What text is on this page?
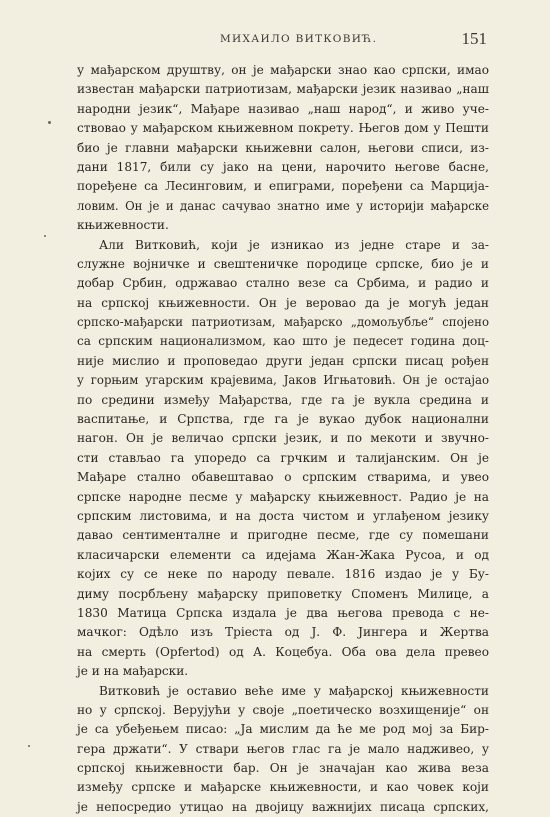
МИХАИЛО ВИТКОВИЋ.	151
у мађарском друштву, он је мађарски знао као српски, имао
известан мађарски патриотизам, мађарски језик називао „наш
народни језик“, Мађаре називао „наш народ“, и живо уче-
ствовао у мађарском књижевном покрету. Његов дом у Пешти
био је главни мађарски књижевни салон, његови списи, из-
дани 1817, били су јако на цени, нарочито његове басне,
поређене са Лесинговим, и епиграми, поређени са Марција-
ловим. Он је и данас сачувао знатно име у историји мађарске
књижевности.
Али Витковић, који је изникао из једне старе и за-
служне војничке и свештеничке породице српске, био је и
добар Србин, одржавао стално везе са Србима, и радио и
на српској књижевности. Он је веровао да је могућ један
српско-мађарски патриотизам, мађарско „домољубље“ спојено
са српским национализмом, као што је педесет година доц-
није мислио и проповедао други један српски писац рођен
у горњим угарским крајевима, Јаков Игњатовић. Он је остајао
по средини између Мађарства, где га је вукла средина и
васпитање, и Српства, где га је вукао дубок национални
нагон. Он је величао српски језик, и по мекоти и звучно-
сти стављао га упоредо са грчким и талијанским. Он је
Мађаре стално обавештавао о српским стварима, и увео
српске народне песме у мађарску књижевност. Радио је на
српским листовима, и на доста чистом и углађеном језику
давао сентименталне и пригодне песме, где су помешани
класичарски елементи са идејама Жан-Жака Русоа, и од
којих су се неке по народу певале. 1816 издао је у Бу-
диму посрбљену мађарску приповетку Споменъ Милице, а
1830 Матица Српска издала је два његова превода с не-
мачког: Одѣло изъ Тріеста од Ј. Ф. Јингера и Жертва
на смерть (Opfertod) од А. Коцебуа. Оба ова дела превео
је и на мађарски.
Витковић је оставио веће име у мађарској књижевности
но у српској. Верујући у своје „поетическо возхищеније“ он
је са убеђењем писао: „Ја мислим да ће ме род мој за Бир-
гера држати“. У ствари његов глас га је мало надживео, у
српској књижевности бар. Он је значајан као жива веза
између српске и мађарске књижевности, и као човек који
је непосредио утицао на двојицу важнијих писаца српских,
